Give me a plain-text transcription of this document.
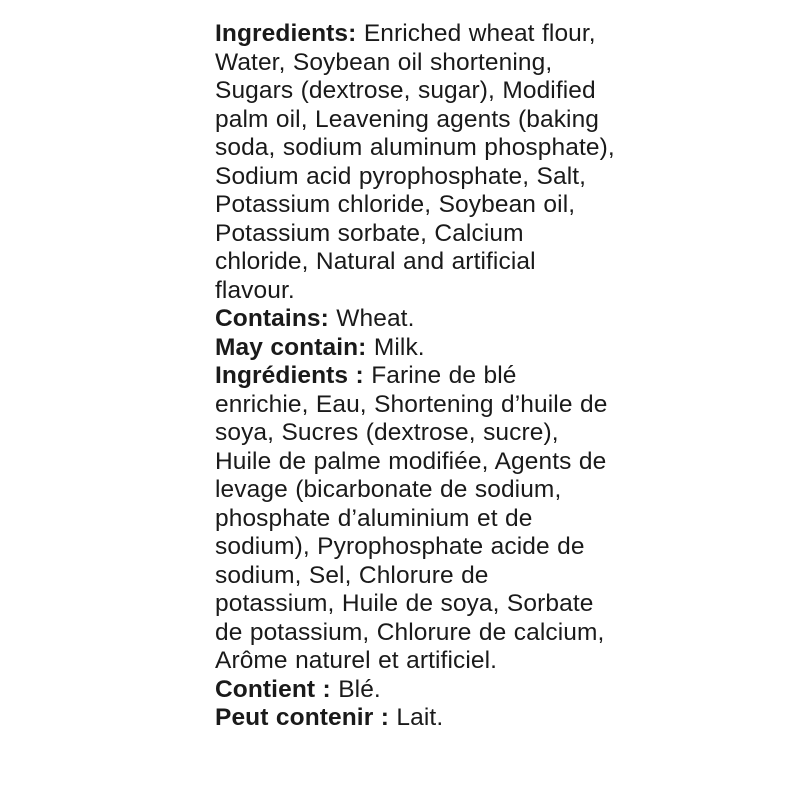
Ingredients: Enriched wheat flour, Water, Soybean oil shortening, Sugars (dextrose, sugar), Modified palm oil, Leavening agents (baking soda, sodium aluminum phosphate), Sodium acid pyrophosphate, Salt, Potassium chloride, Soybean oil, Potassium sorbate, Calcium chloride, Natural and artificial flavour.

Contains: Wheat.

May contain: Milk.

Ingrédients : Farine de blé enrichie, Eau, Shortening d’huile de soya, Sucres (dextrose, sucre), Huile de palme modifiée, Agents de levage (bicarbonate de sodium, phosphate d’aluminium et de sodium), Pyrophosphate acide de sodium, Sel, Chlorure de potassium, Huile de soya, Sorbate de potassium, Chlorure de calcium, Arôme naturel et artificiel.

Contient : Blé.

Peut contenir : Lait.
